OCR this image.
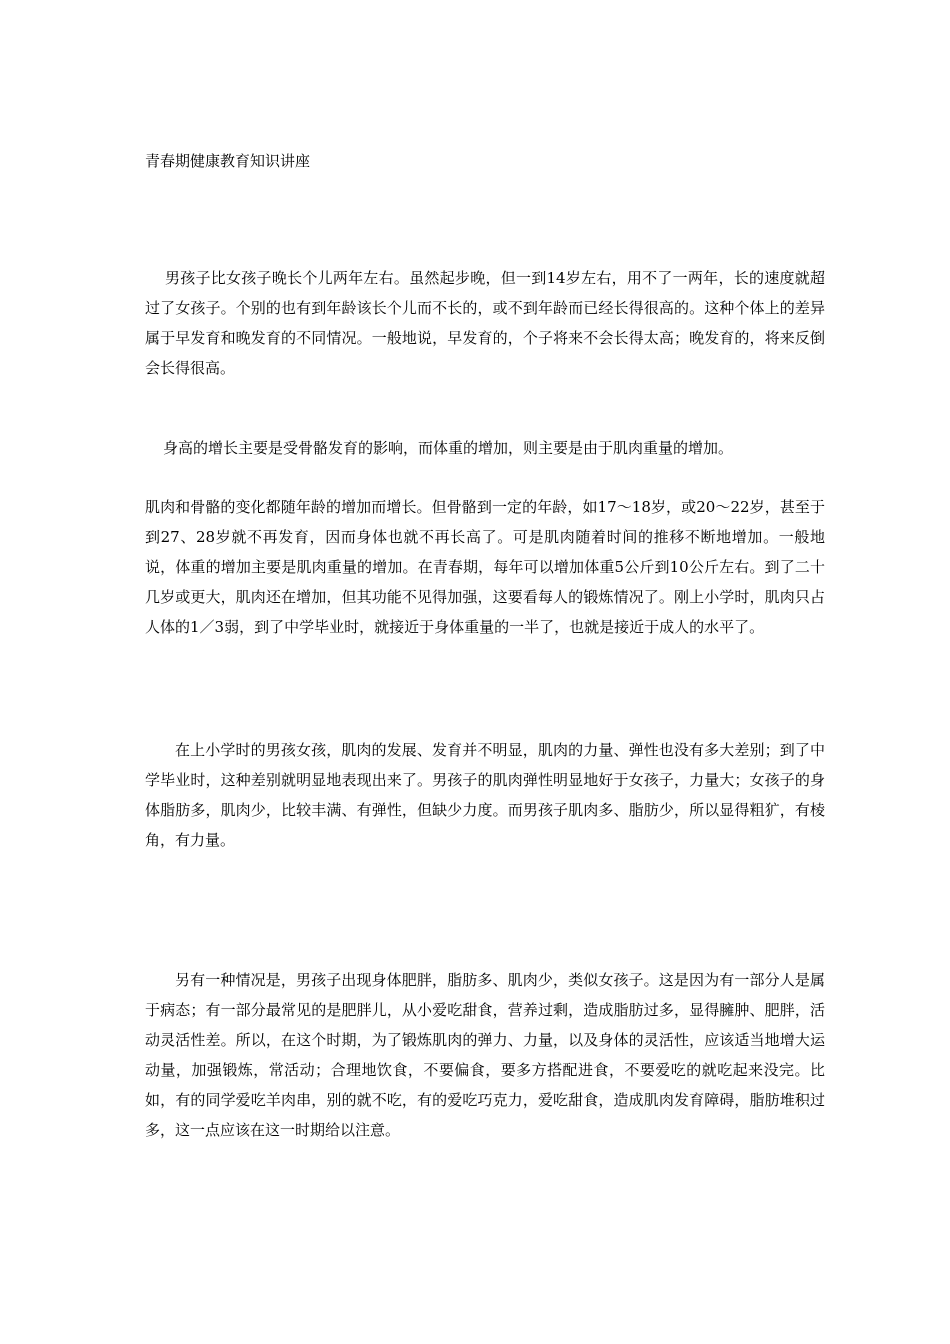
青春期健康教育知识讲座

男孩子比女孩子晚长个儿两年左右。虽然起步晚，但一到14岁左右，用不了一两年，长的速度就超过了女孩子。个别的也有到年龄该长个儿而不长的，或不到年龄而已经长得很高的。这种个体上的差异属于早发育和晚发育的不同情况。一般地说，早发育的，个子将来不会长得太高；晚发育的，将来反倒会长得很高。

身高的增长主要是受骨骼发育的影响，而体重的增加，则主要是由于肌肉重量的增加。

肌肉和骨骼的变化都随年龄的增加而增长。但骨骼到一定的年龄，如17～18岁，或20～22岁，甚至于到27、28岁就不再发育，因而身体也就不再长高了。可是肌肉随着时间的推移不断地增加。一般地说，体重的增加主要是肌肉重量的增加。在青春期，每年可以增加体重5公斤到10公斤左右。到了二十几岁或更大，肌肉还在增加，但其功能不见得加强，这要看每人的锻炼情况了。刚上小学时，肌肉只占人体的1／3弱，到了中学毕业时，就接近于身体重量的一半了，也就是接近于成人的水平了。

在上小学时的男孩女孩，肌肉的发展、发育并不明显，肌肉的力量、弹性也没有多大差别；到了中学毕业时，这种差别就明显地表现出来了。男孩子的肌肉弹性明显地好于女孩子，力量大；女孩子的身体脂肪多，肌肉少，比较丰满、有弹性，但缺少力度。而男孩子肌肉多、脂肪少，所以显得粗犷，有棱角，有力量。

另有一种情况是，男孩子出现身体肥胖，脂肪多、肌肉少，类似女孩子。这是因为有一部分人是属于病态；有一部分最常见的是肥胖儿，从小爱吃甜食，营养过剩，造成脂肪过多，显得臃肿、肥胖，活动灵活性差。所以，在这个时期，为了锻炼肌肉的弹力、力量，以及身体的灵活性，应该适当地增大运动量，加强锻炼，常活动；合理地饮食，不要偏食，要多方搭配进食，不要爱吃的就吃起来没完。比如，有的同学爱吃羊肉串，别的就不吃，有的爱吃巧克力，爱吃甜食，造成肌肉发育障碍，脂肪堆积过多，这一点应该在这一时期给以注意。
